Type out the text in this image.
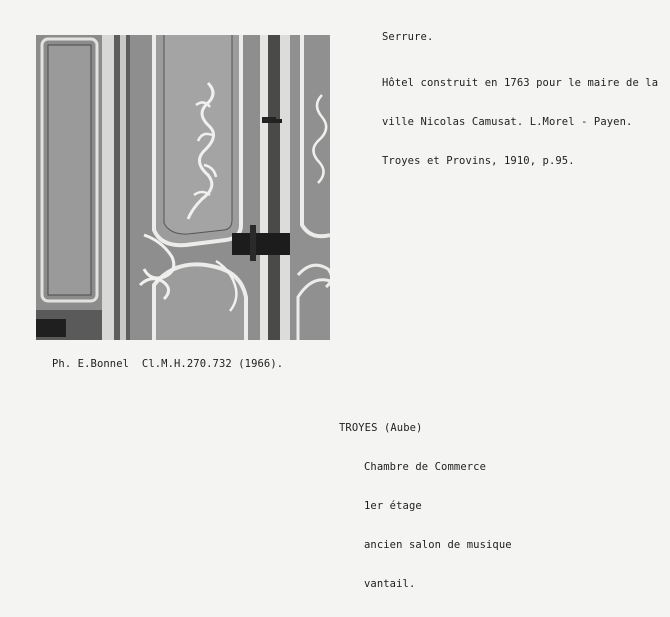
Serrure.

Hôtel construit en 1763 pour le maire de la

ville Nicolas Camusat. L.Morel - Payen.

Troyes et Provins, 1910, p.95.

Ph. E.Bonnel  Cl.M.H.270.732 (1966).
TROYES (Aube)

Chambre de Commerce

1er étage

ancien salon de musique

vantail.
